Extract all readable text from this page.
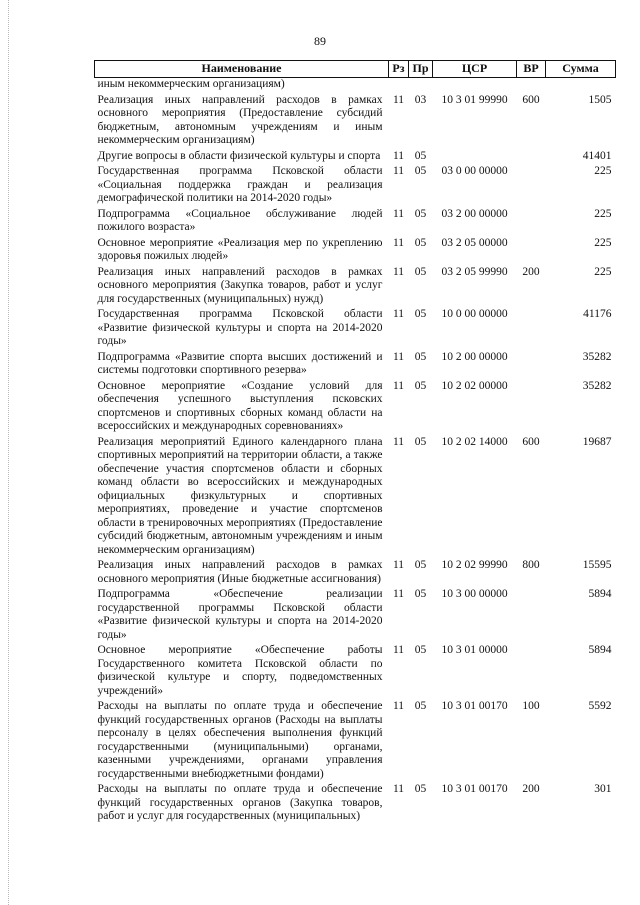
89
Наименование	Рз	Пр	ЦСР	ВР	Сумма
иным некоммерческим организациям)					
Реализация иных направлений расходов в рамках основного мероприятия (Предоставление субсидий бюджетным, автономным учреждениям и иным некоммерческим организациям)	11	03	10 3 01 99990	600	1505
Другие вопросы в области физической культуры и спорта	11	05			41401
Государственная программа Псковской области «Социальная поддержка граждан и реализация демографической политики на 2014-2020 годы»	11	05	03 0 00 00000		225
Подпрограмма «Социальное обслуживание людей пожилого возраста»	11	05	03 2 00 00000		225
Основное мероприятие «Реализация мер по укреплению здоровья пожилых людей»	11	05	03 2 05 00000		225
Реализация иных направлений расходов в рамках основного мероприятия (Закупка товаров, работ и услуг для государственных (муниципальных) нужд)	11	05	03 2 05 99990	200	225
Государственная программа Псковской области «Развитие физической культуры и спорта на 2014-2020 годы»	11	05	10 0 00 00000		41176
Подпрограмма «Развитие спорта высших достижений и системы подготовки спортивного резерва»	11	05	10 2 00 00000		35282
Основное мероприятие «Создание условий для обеспечения успешного выступления псковских спортсменов и спортивных сборных команд области на всероссийских и международных соревнованиях»	11	05	10 2 02 00000		35282
Реализация мероприятий Единого календарного плана спортивных мероприятий на территории области, а также обеспечение участия спортсменов области и сборных команд области во всероссийских и международных официальных физкультурных и спортивных мероприятиях, проведение и участие спортсменов области в тренировочных мероприятиях (Предоставление субсидий бюджетным, автономным учреждениям и иным некоммерческим организациям)	11	05	10 2 02 14000	600	19687
Реализация иных направлений расходов в рамках основного мероприятия (Иные бюджетные ассигнования)	11	05	10 2 02 99990	800	15595
Подпрограмма «Обеспечение реализации государственной программы Псковской области «Развитие физической культуры и спорта на 2014-2020 годы»	11	05	10 3 00 00000		5894
Основное мероприятие «Обеспечение работы Государственного комитета Псковской области по физической культуре и спорту, подведомственных учреждений»	11	05	10 3 01 00000		5894
Расходы на выплаты по оплате труда и обеспечение функций государственных органов (Расходы на выплаты персоналу в целях обеспечения выполнения функций государственными (муниципальными) органами, казенными учреждениями, органами управления государственными внебюджетными фондами)	11	05	10 3 01 00170	100	5592
Расходы на выплаты по оплате труда и обеспечение функций государственных органов (Закупка товаров, работ и услуг для государственных (муниципальных)	11	05	10 3 01 00170	200	301
